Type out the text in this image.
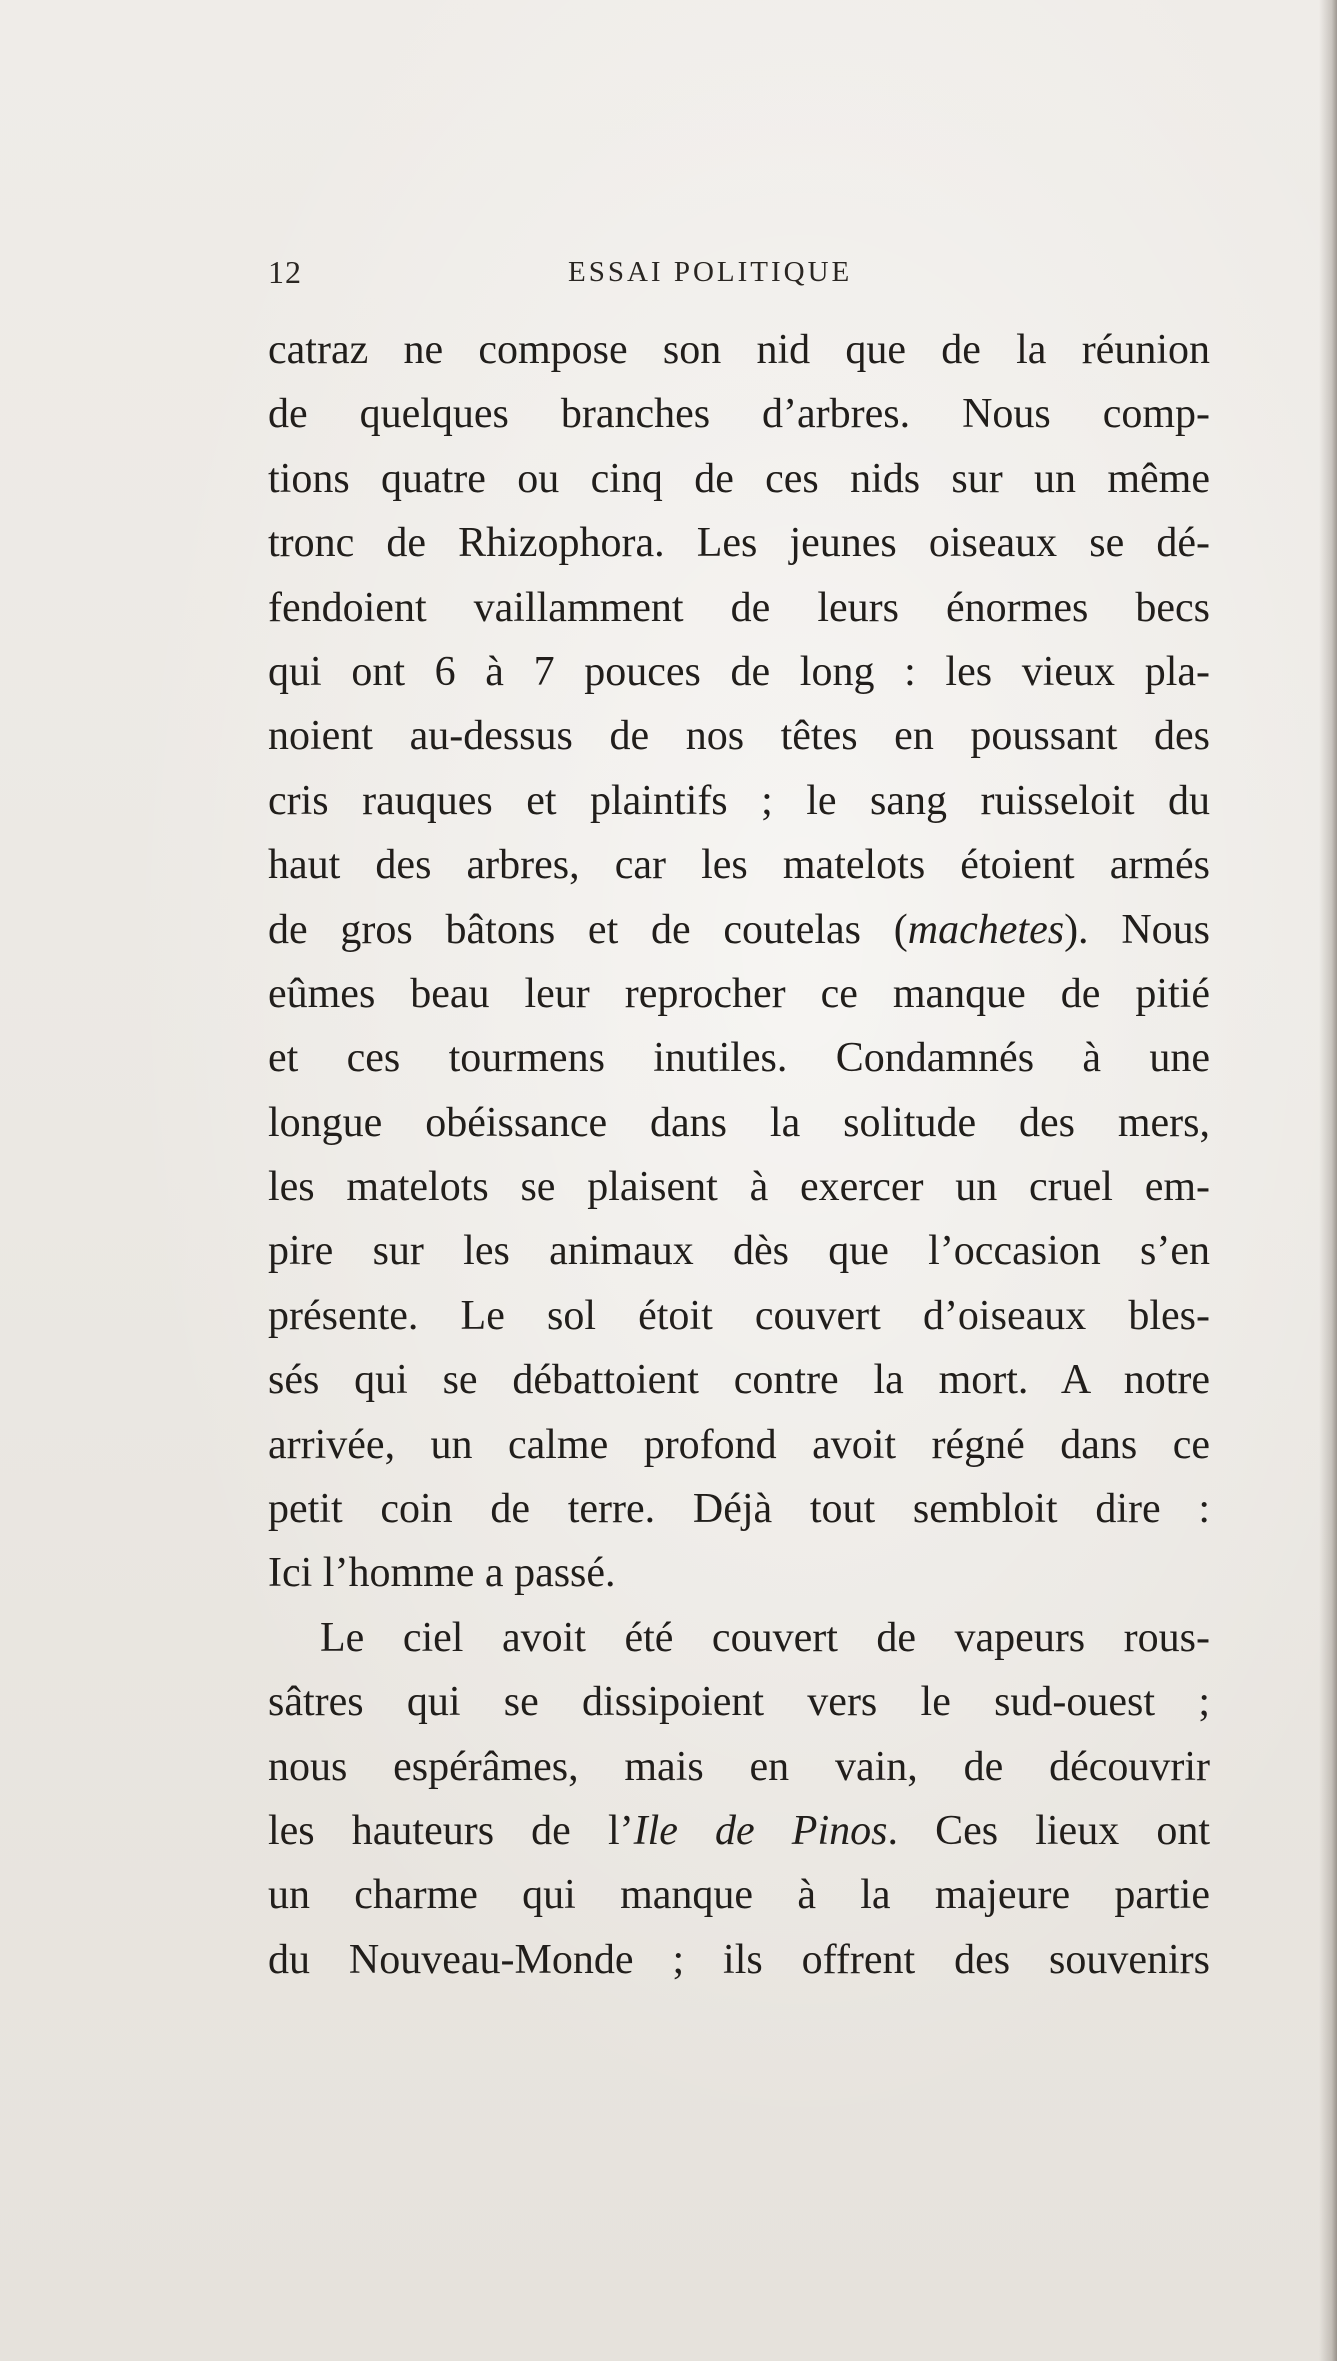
12	ESSAI POLITIQUE
catraz ne compose son nid que de la réunion
de quelques branches d’arbres. Nous comp-
tions quatre ou cinq de ces nids sur un même
tronc de Rhizophora. Les jeunes oiseaux se dé-
fendoient vaillamment de leurs énormes becs
qui ont 6 à 7 pouces de long : les vieux pla-
noient au-dessus de nos têtes en poussant des
cris rauques et plaintifs ; le sang ruisseloit du
haut des arbres, car les matelots étoient armés
de gros bâtons et de coutelas (machetes). Nous
eûmes beau leur reprocher ce manque de pitié
et ces tourmens inutiles. Condamnés à une
longue obéissance dans la solitude des mers,
les matelots se plaisent à exercer un cruel em-
pire sur les animaux dès que l’occasion s’en
présente. Le sol étoit couvert d’oiseaux bles-
sés qui se débattoient contre la mort. A notre
arrivée, un calme profond avoit régné dans ce
petit coin de terre. Déjà tout sembloit dire :
Ici l’homme a passé.
Le ciel avoit été couvert de vapeurs rous-
sâtres qui se dissipoient vers le sud-ouest ;
nous espérâmes, mais en vain, de découvrir
les hauteurs de l’Ile de Pinos. Ces lieux ont
un charme qui manque à la majeure partie
du Nouveau-Monde ; ils offrent des souvenirs
